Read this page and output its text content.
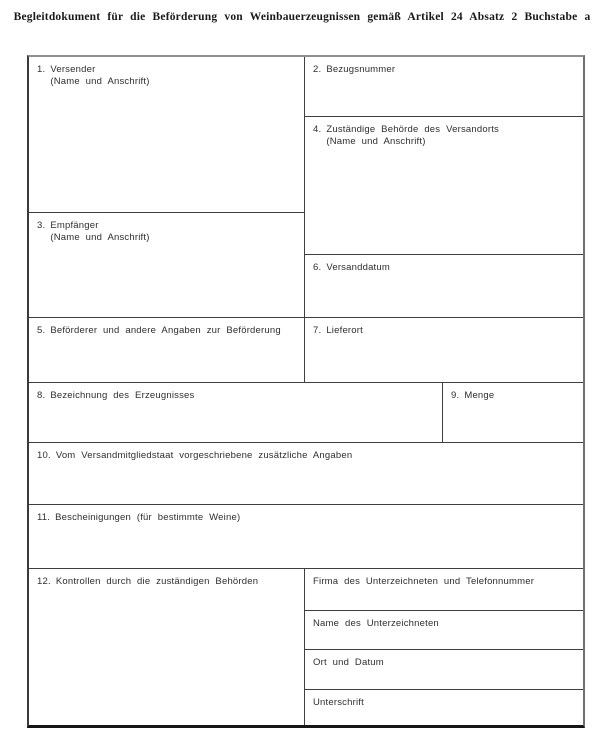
Begleitdokument für die Beförderung von Weinbauerzeugnissen gemäß Artikel 24 Absatz 2 Buchstabe a
1. Versender
(Name und Anschrift)
2. Bezugsnummer
4. Zuständige Behörde des Versandorts
(Name und Anschrift)
3. Empfänger
(Name und Anschrift)
6. Versanddatum
5. Beförderer und andere Angaben zur Beförderung	7. Lieferort
8. Bezeichnung des Erzeugnisses	9. Menge
10. Vom Versandmitgliedstaat vorgeschriebene zusätzliche Angaben
11. Bescheinigungen (für bestimmte Weine)
12. Kontrollen durch die zuständigen Behörden	Firma des Unterzeichneten und Telefonnummer
Name des Unterzeichneten
Ort und Datum
Unterschrift
